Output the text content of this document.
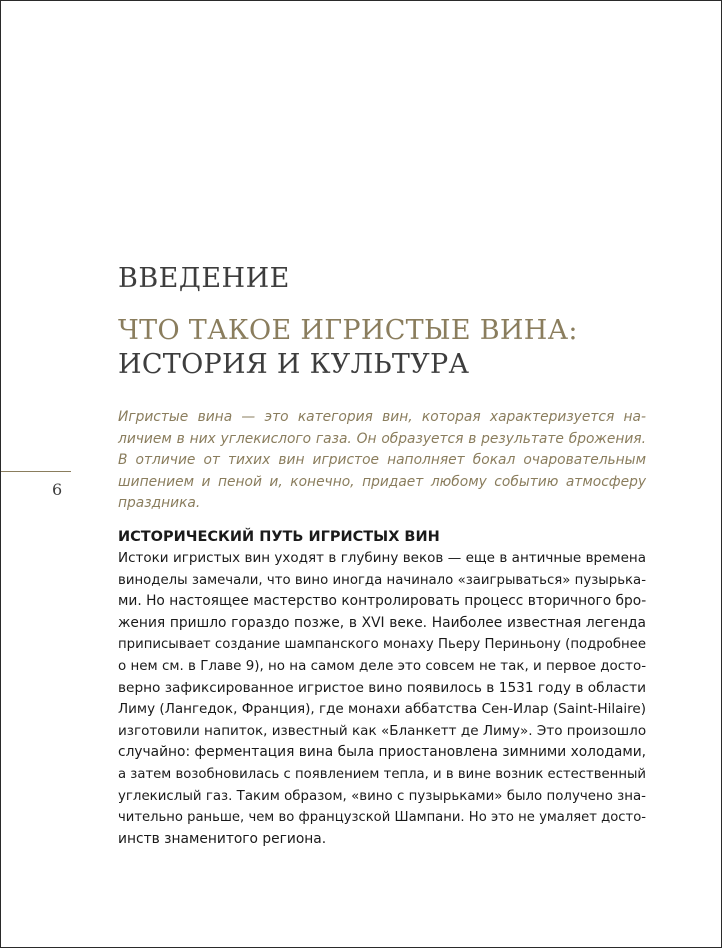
ВВЕДЕНИЕ
ЧТО ТАКОЕ ИГРИСТЫЕ ВИНА:
ИСТОРИЯ И КУЛЬТУРА

Игристые вина — это категория вин, которая характеризуется на-
личием в них углекислого газа. Он образуется в результате брожения.
В отличие от тихих вин игристое наполняет бокал очаровательным
шипением и пеной и, конечно, придает любому событию атмосферу
праздника.

6
ИСТОРИЧЕСКИЙ ПУТЬ ИГРИСТЫХ ВИН

Истоки игристых вин уходят в глубину веков — еще в античные времена
виноделы замечали, что вино иногда начинало «заигрываться» пузырька-
ми. Но настоящее мастерство контролировать процесс вторичного бро-
жения пришло гораздо позже, в XVI веке. Наиболее известная легенда
приписывает создание шампанского монаху Пьеру Периньону (подробнее
о нем см. в Главе 9), но на самом деле это совсем не так, и первое досто-
верно зафиксированное игристое вино появилось в 1531 году в области
Лиму (Лангедок, Франция), где монахи аббатства Сен-Илар (Saint-Hilaire)
изготовили напиток, известный как «Бланкетт де Лиму». Это произошло
случайно: ферментация вина была приостановлена зимними холодами,
а затем возобновилась с появлением тепла, и в вине возник естественный
углекислый газ. Таким образом, «вино с пузырьками» было получено зна-
чительно раньше, чем во французской Шампани. Но это не умаляет досто-
инств знаменитого региона.
